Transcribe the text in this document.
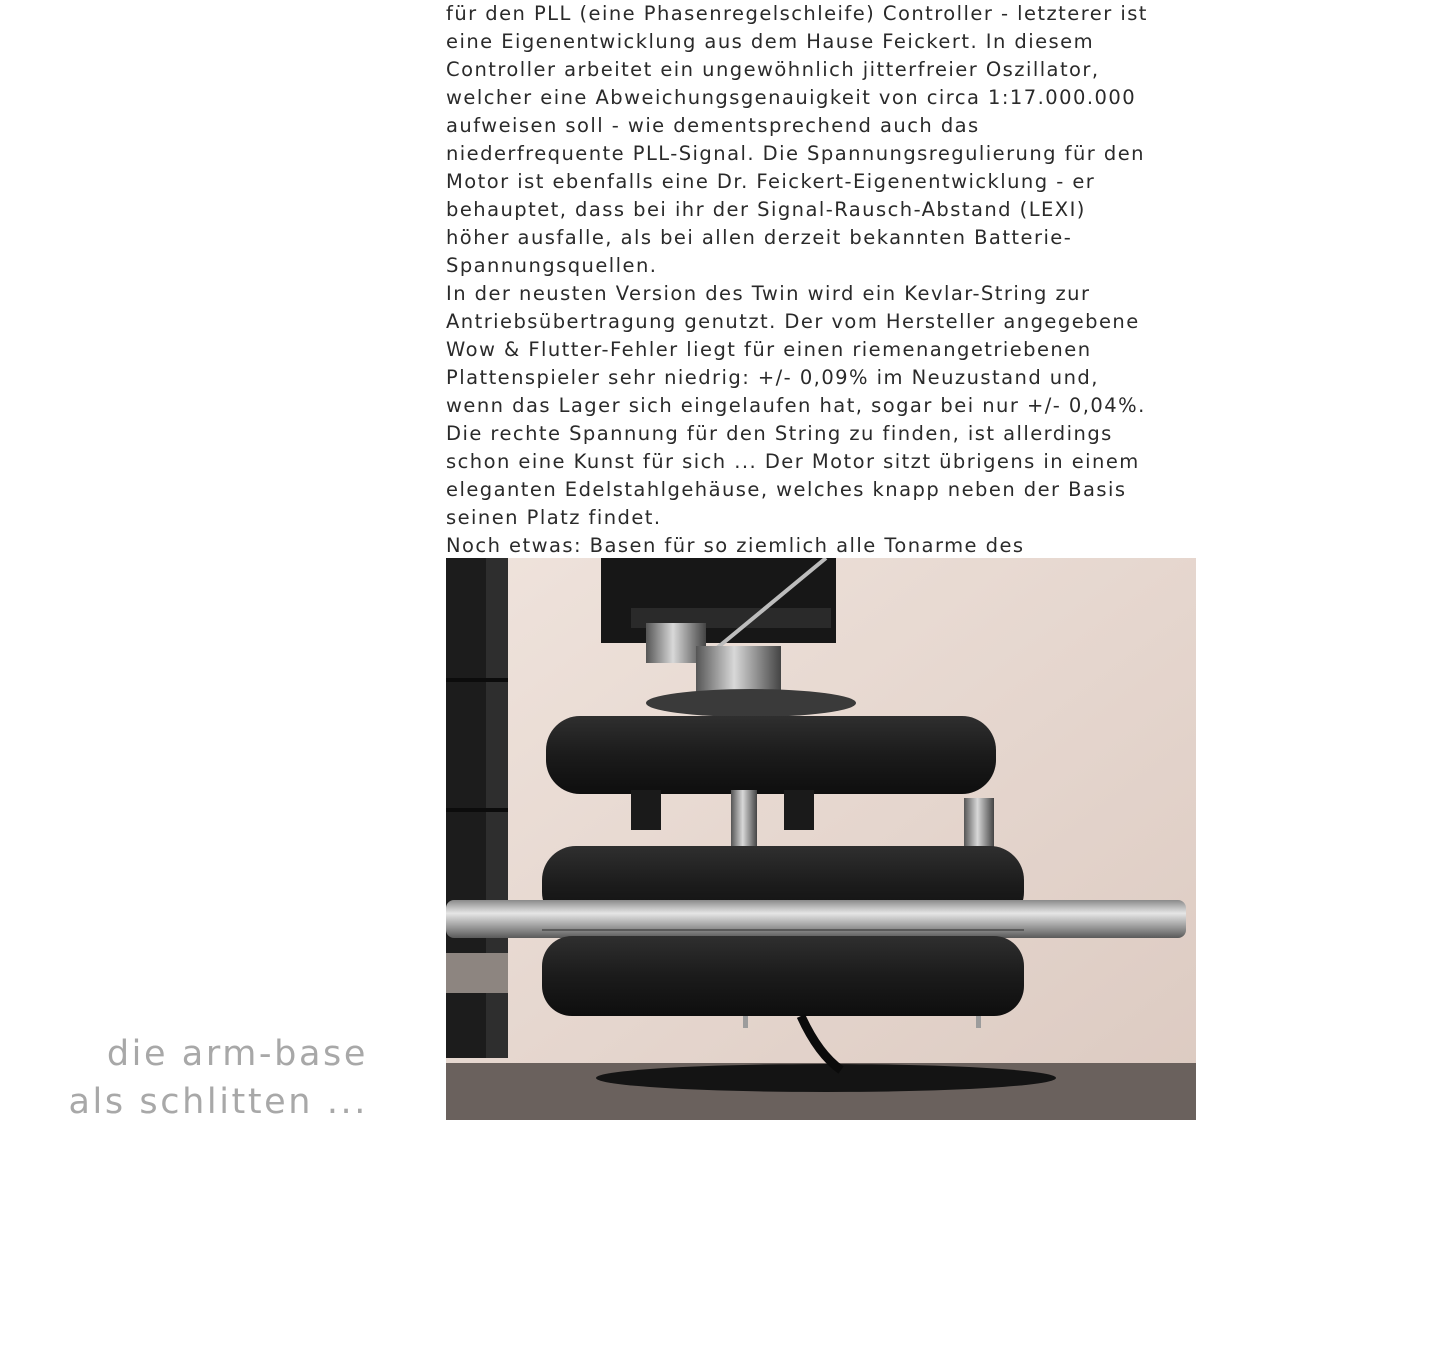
für den PLL (eine Phasenregelschleife) Controller - letzterer ist
eine Eigenentwicklung aus dem Hause Feickert. In diesem
Controller arbeitet ein ungewöhnlich jitterfreier Oszillator,
welcher eine Abweichungsgenauigkeit von circa 1:17.000.000
aufweisen soll - wie dementsprechend auch das
niederfrequente PLL-Signal. Die Spannungsregulierung für den
Motor ist ebenfalls eine Dr. Feickert-Eigenentwicklung - er
behauptet, dass bei ihr der Signal-Rausch-Abstand (LEXI)
höher ausfalle, als bei allen derzeit bekannten Batterie-
Spannungsquellen.

In der neusten Version des Twin wird ein Kevlar-String zur
Antriebsübertragung genutzt. Der vom Hersteller angegebene
Wow & Flutter-Fehler liegt für einen riemenangetriebenen
Plattenspieler sehr niedrig: +/- 0,09% im Neuzustand und,
wenn das Lager sich eingelaufen hat, sogar bei nur +/- 0,04%.
Die rechte Spannung für den String zu finden, ist allerdings
schon eine Kunst für sich ... Der Motor sitzt übrigens in einem
eleganten Edelstahlgehäuse, welches knapp neben der Basis
seinen Platz findet.

Noch etwas: Basen für so ziemlich alle Tonarme des

die arm-base
als schlitten ...
